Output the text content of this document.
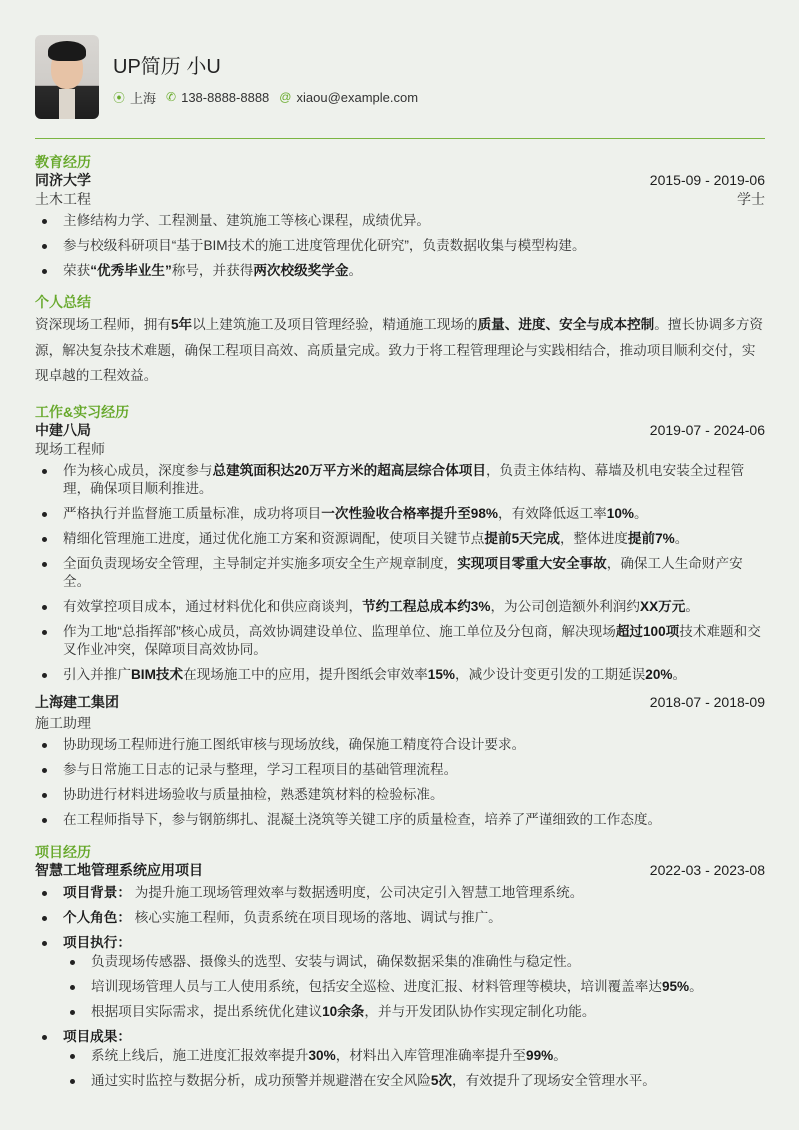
UP简历 小U
⦿ 上海 ✆ 138-8888-8888 @ xiaou@example.com
教育经历
同济大学	2015-09 - 2019-06
土木工程	学士
主修结构力学、工程测量、建筑施工等核心课程，成绩优异。
参与校级科研项目“基于BIM技术的施工进度管理优化研究”，负责数据收集与模型构建。
荣获“优秀毕业生”称号，并获得两次校级奖学金。
个人总结
资深现场工程师，拥有5年以上建筑施工及项目管理经验，精通施工现场的质量、进度、安全与成本控制。擅长协调多方资源，解决复杂技术难题，确保工程项目高效、高质量完成。致力于将工程管理理论与实践相结合，推动项目顺利交付，实现卓越的工程效益。
工作&实习经历
中建八局	2019-07 - 2024-06
现场工程师
作为核心成员，深度参与总建筑面积达20万平方米的超高层综合体项目，负责主体结构、幕墙及机电安装全过程管理，确保项目顺利推进。
严格执行并监督施工质量标准，成功将项目一次性验收合格率提升至98%，有效降低返工率10%。
精细化管理施工进度，通过优化施工方案和资源调配，使项目关键节点提前5天完成，整体进度提前7%。
全面负责现场安全管理，主导制定并实施多项安全生产规章制度，实现项目零重大安全事故，确保工人生命财产安全。
有效掌控项目成本，通过材料优化和供应商谈判，节约工程总成本约3%，为公司创造额外利润约XX万元。
作为工地“总指挥部”核心成员，高效协调建设单位、监理单位、施工单位及分包商，解决现场超过100项技术难题和交叉作业冲突，保障项目高效协同。
引入并推广BIM技术在现场施工中的应用，提升图纸会审效率15%，减少设计变更引发的工期延误20%。
上海建工集团	2018-07 - 2018-09
施工助理
协助现场工程师进行施工图纸审核与现场放线，确保施工精度符合设计要求。
参与日常施工日志的记录与整理，学习工程项目的基础管理流程。
协助进行材料进场验收与质量抽检，熟悉建筑材料的检验标准。
在工程师指导下，参与钢筋绑扎、混凝土浇筑等关键工序的质量检查，培养了严谨细致的工作态度。
项目经历
智慧工地管理系统应用项目	2022-03 - 2023-08
项目背景： 为提升施工现场管理效率与数据透明度，公司决定引入智慧工地管理系统。
个人角色： 核心实施工程师，负责系统在项目现场的落地、调试与推广。
项目执行：
负责现场传感器、摄像头的选型、安装与调试，确保数据采集的准确性与稳定性。
培训现场管理人员与工人使用系统，包括安全巡检、进度汇报、材料管理等模块，培训覆盖率达95%。
根据项目实际需求，提出系统优化建议10余条，并与开发团队协作实现定制化功能。
项目成果：
系统上线后，施工进度汇报效率提升30%，材料出入库管理准确率提升至99%。
通过实时监控与数据分析，成功预警并规避潜在安全风险5次，有效提升了现场安全管理水平。
